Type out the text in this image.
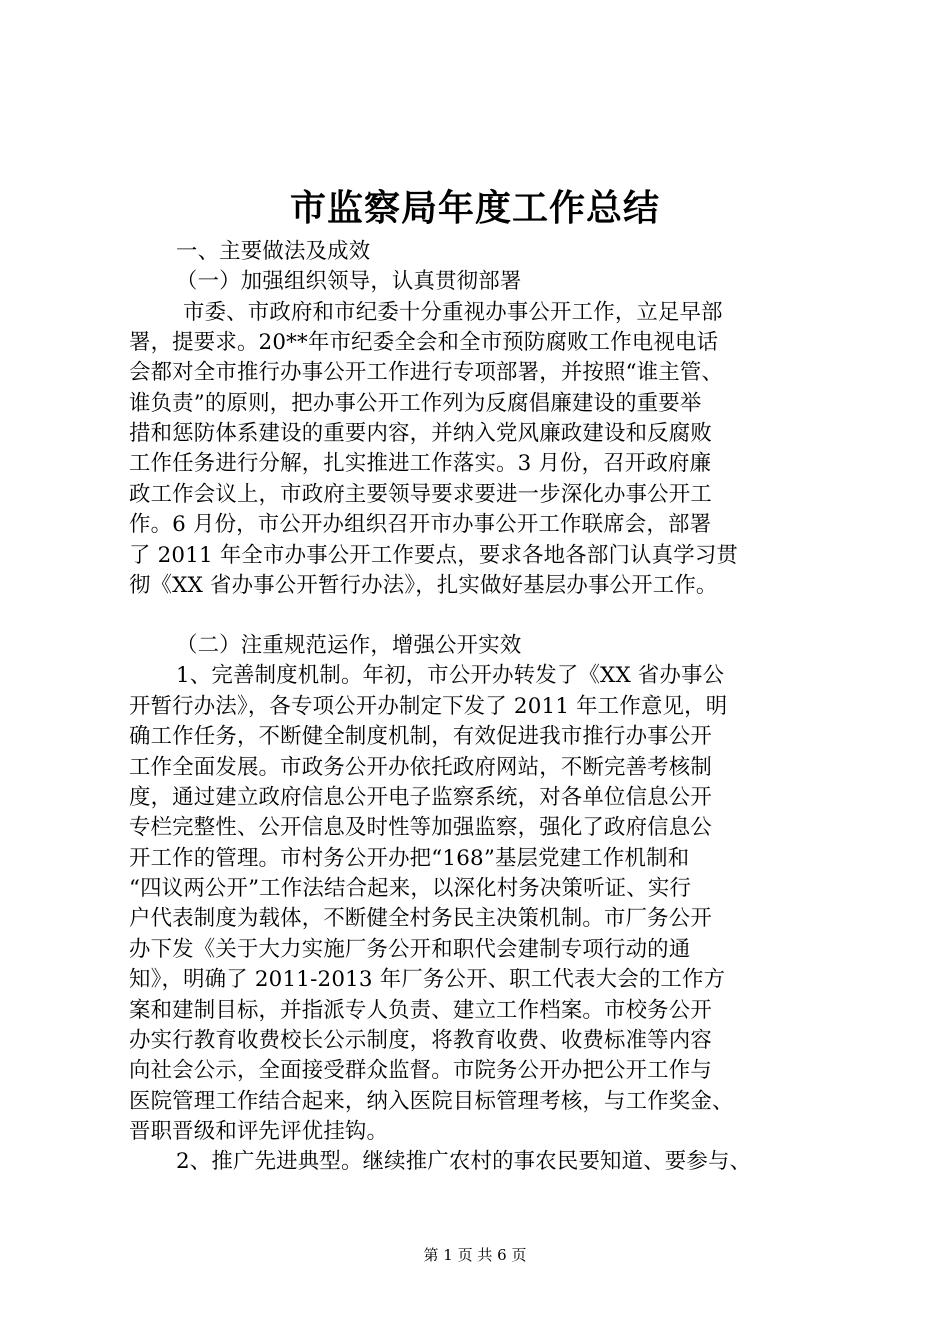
市监察局年度工作总结
一、主要做法及成效
（一）加强组织领导，认真贯彻部署
市委、市政府和市纪委十分重视办事公开工作，立足早部
署，提要求。20**年市纪委全会和全市预防腐败工作电视电话
会都对全市推行办事公开工作进行专项部署，并按照“谁主管、
谁负责”的原则，把办事公开工作列为反腐倡廉建设的重要举
措和惩防体系建设的重要内容，并纳入党风廉政建设和反腐败
工作任务进行分解，扎实推进工作落实。3 月份，召开政府廉
政工作会议上，市政府主要领导要求要进一步深化办事公开工
作。6 月份，市公开办组织召开市办事公开工作联席会，部署
了 2011 年全市办事公开工作要点，要求各地各部门认真学习贯
彻《XX 省办事公开暂行办法》，扎实做好基层办事公开工作。
（二）注重规范运作，增强公开实效
1、完善制度机制。年初，市公开办转发了《XX 省办事公
开暂行办法》，各专项公开办制定下发了 2011 年工作意见，明
确工作任务，不断健全制度机制，有效促进我市推行办事公开
工作全面发展。市政务公开办依托政府网站，不断完善考核制
度，通过建立政府信息公开电子监察系统，对各单位信息公开
专栏完整性、公开信息及时性等加强监察，强化了政府信息公
开工作的管理。市村务公开办把“168”基层党建工作机制和
“四议两公开”工作法结合起来，以深化村务决策听证、实行
户代表制度为载体，不断健全村务民主决策机制。市厂务公开
办下发《关于大力实施厂务公开和职代会建制专项行动的通
知》，明确了 2011-2013 年厂务公开、职工代表大会的工作方
案和建制目标，并指派专人负责、建立工作档案。市校务公开
办实行教育收费校长公示制度，将教育收费、收费标准等内容
向社会公示，全面接受群众监督。市院务公开办把公开工作与
医院管理工作结合起来，纳入医院目标管理考核，与工作奖金、
晋职晋级和评先评优挂钩。
2、推广先进典型。继续推广农村的事农民要知道、要参与、
第 1 页 共 6 页
